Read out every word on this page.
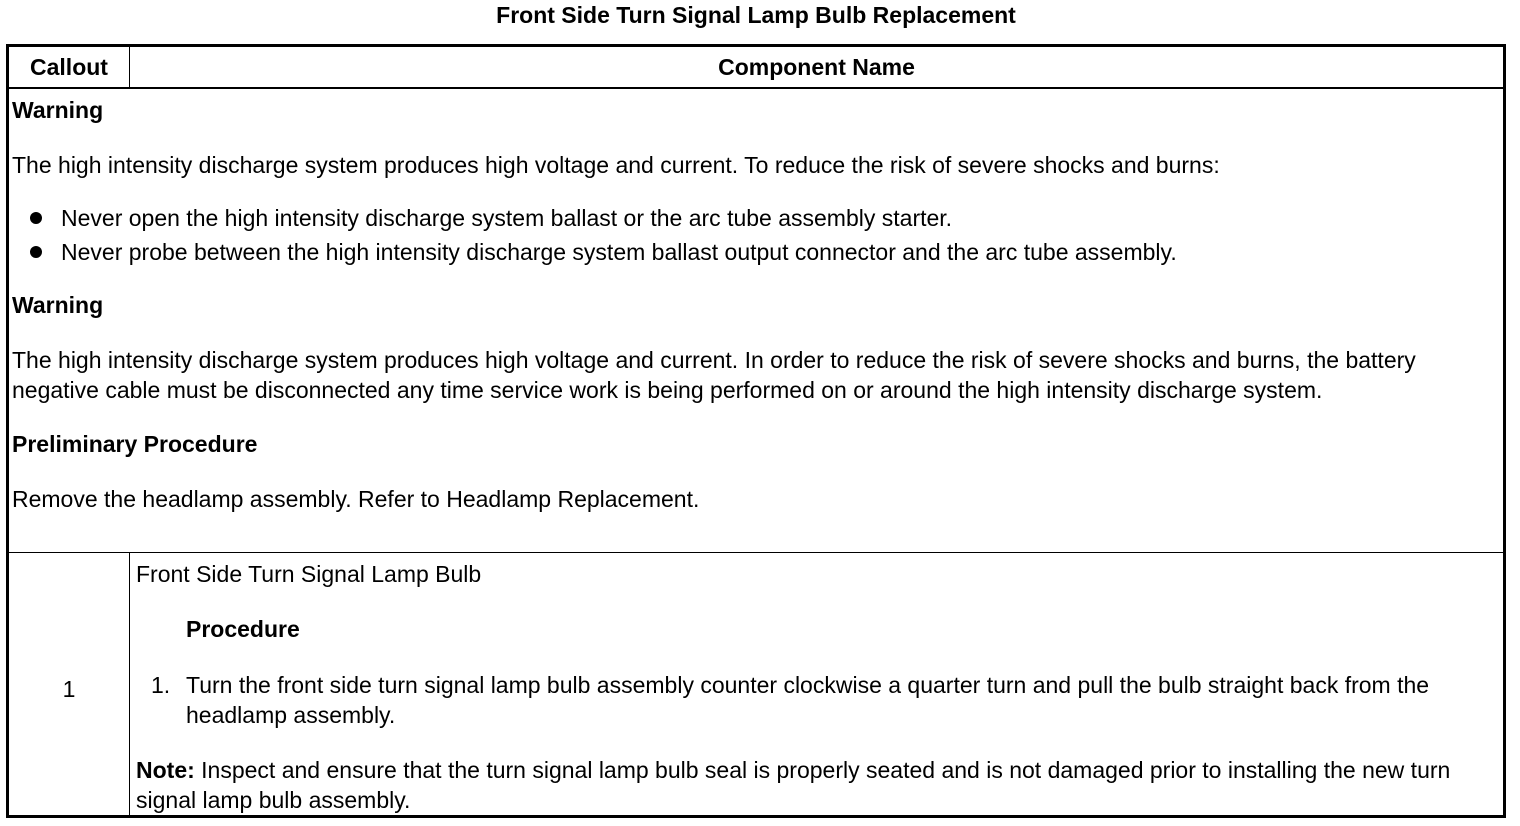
Front Side Turn Signal Lamp Bulb Replacement
Callout	Component Name

Warning

The high intensity discharge system produces high voltage and current. To reduce the risk of severe shocks and burns:

Never open the high intensity discharge system ballast or the arc tube assembly starter.
Never probe between the high intensity discharge system ballast output connector and the arc tube assembly.

Warning

The high intensity discharge system produces high voltage and current. In order to reduce the risk of severe shocks and burns, the battery negative cable must be disconnected any time service work is being performed on or around the high intensity discharge system.

Preliminary Procedure

Remove the headlamp assembly. Refer to Headlamp Replacement.

1

Front Side Turn Signal Lamp Bulb

Procedure

1. Turn the front side turn signal lamp bulb assembly counter clockwise a quarter turn and pull the bulb straight back from the headlamp assembly.

Note: Inspect and ensure that the turn signal lamp bulb seal is properly seated and is not damaged prior to installing the new turn signal lamp bulb assembly.
